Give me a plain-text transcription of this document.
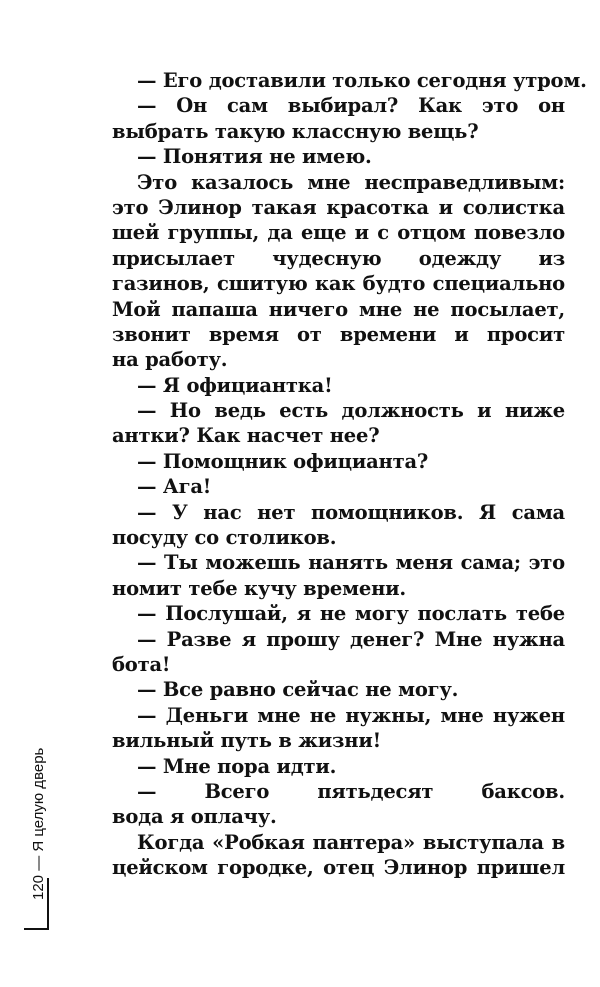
— Его доставили только сегодня утром.
— Он сам выбирал? Как это он
выбрать такую классную вещь?
— Понятия не имею.
Это казалось мне несправедливым:
это Элинор такая красотка и солистка
шей группы, да еще и с отцом повезло
присылает чудесную одежду из
газинов, сшитую как будто специально
Мой папаша ничего мне не посылает,
звонит время от времени и просит
на работу.
— Я официантка!
— Но ведь есть должность и ниже
антки? Как насчет нее?
— Помощник официанта?
— Ага!
— У нас нет помощников. Я сама
посуду со столиков.
— Ты можешь нанять меня сама; это
номит тебе кучу времени.
— Послушай, я не могу послать тебе
— Разве я прошу денег? Мне нужна
бота!
— Все равно сейчас не могу.
— Деньги мне не нужны, мне нужен
вильный путь в жизни!
— Мне пора идти.
— Всего пятьдесят баксов.
вода я оплачу.
Когда «Робкая пантера» выступала в
цейском городке, отец Элинор пришел
120 — Я целую дверь
